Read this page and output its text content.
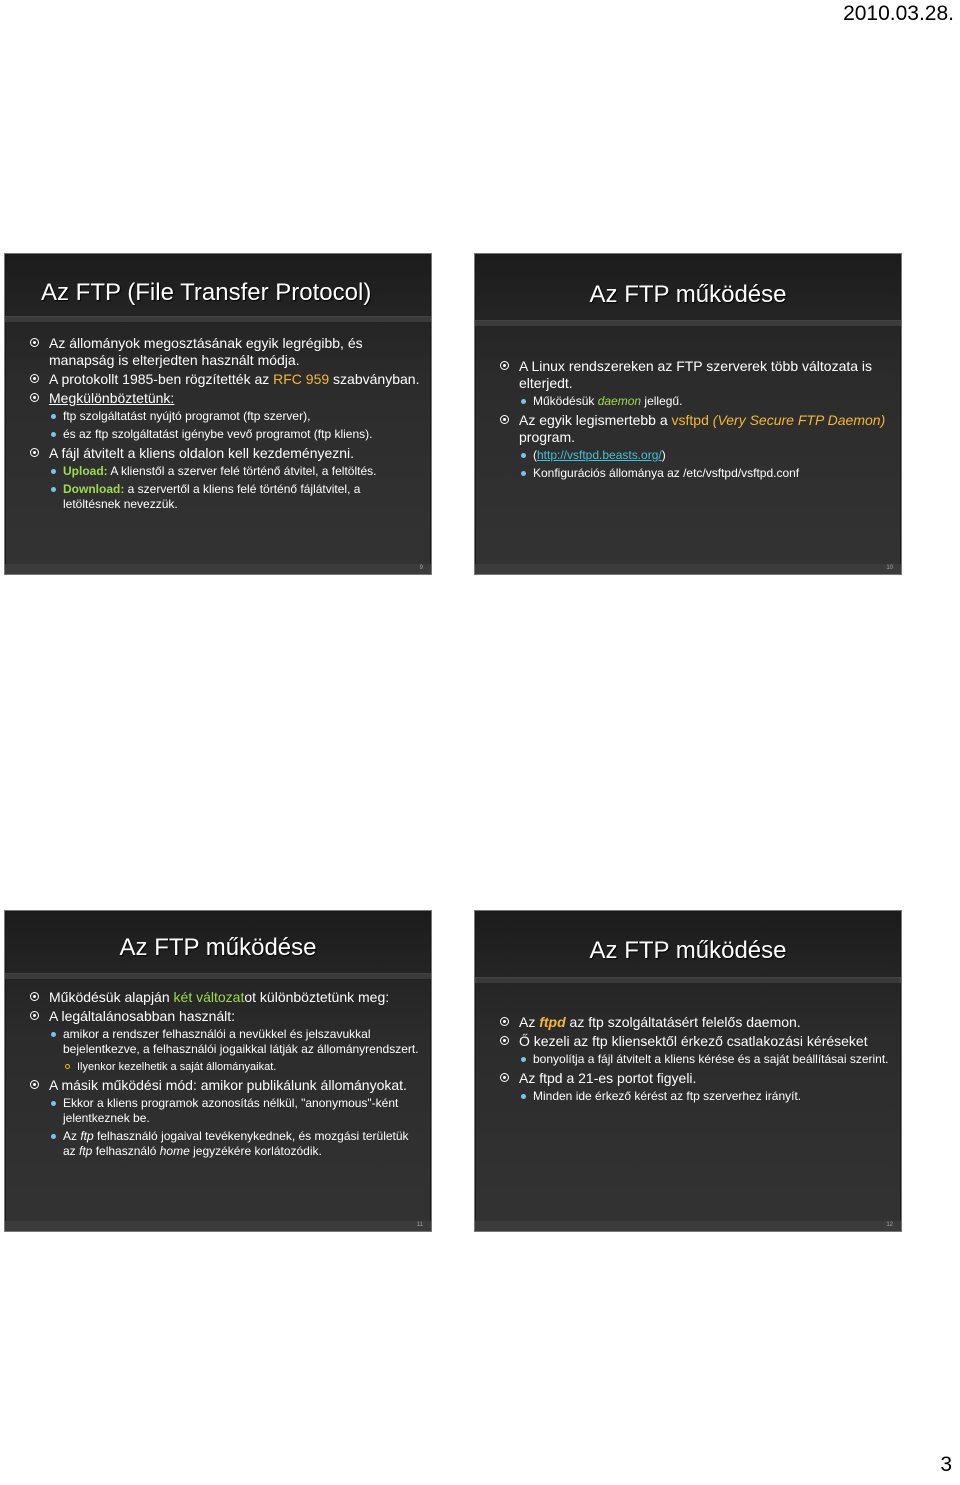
2010.03.28.
Az FTP (File Transfer Protocol)
Az állományok megosztásának egyik legrégibb, és manapság is elterjedten használt módja.
A protokollt 1985-ben rögzítették az RFC 959 szabványban.
Megkülönböztetünk:
ftp szolgáltatást nyújtó programot (ftp szerver),
és az ftp szolgáltatást igénybe vevő programot (ftp kliens).
A fájl átvitelt a kliens oldalon kell kezdeményezni.
Upload: A klienstől a szerver felé történő átvitel, a feltöltés.
Download: a szervertől a kliens felé történő fájlátvitel, a letöltésnek nevezzük.
9
Az FTP működése
A Linux rendszereken az FTP szerverek több változata is elterjedt.
Működésük daemon jellegű.
Az egyik legismertebb a vsftpd (Very Secure FTP Daemon) program.
(http://vsftpd.beasts.org/)
Konfigurációs állománya az /etc/vsftpd/vsftpd.conf
10
Az FTP működése
Működésük alapján két változatot különböztetünk meg:
A legáltalánosabban használt:
amikor a rendszer felhasználói a nevükkel és jelszavukkal bejelentkezve, a felhasználói jogaikkal látják az állományrendszert.
Ilyenkor kezelhetik a saját állományaikat.
A másik működési mód: amikor publikálunk állományokat.
Ekkor a kliens programok azonosítás nélkül, "anonymous"-ként jelentkeznek be.
Az ftp felhasználó jogaival tevékenykednek, és mozgási területük az ftp felhasználó home jegyzékére korlátozódik.
11
Az FTP működése
Az ftpd az ftp szolgáltatásért felelős daemon.
Ő kezeli az ftp kliensektől érkező csatlakozási kéréseket
bonyolítja a fájl átvitelt a kliens kérése és a saját beállításai szerint.
Az ftpd a 21-es portot figyeli.
Minden ide érkező kérést az ftp szerverhez irányít.
12
3
